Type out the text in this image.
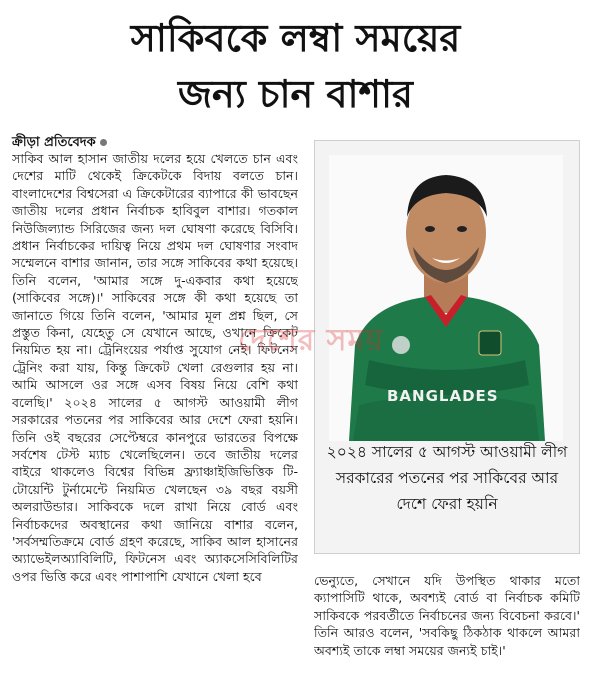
সাকিবকে লম্বা সময়ের
জন্য চান বাশার
ক্রীড়া প্রতিবেদক

সাকিব আল হাসান জাতীয় দলের হয়ে খেলতে চান এবং দেশের মাটি থেকেই ক্রিকেটকে বিদায় বলতে চান। বাংলাদেশের বিশ্বসেরা এ ক্রিকেটারের ব্যাপারে কী ভাবছেন জাতীয় দলের প্রধান নির্বাচক হাবিবুল বাশার। গতকাল নিউজিল্যান্ড সিরিজের জন্য দল ঘোষণা করেছে বিসিবি। প্রধান নির্বাচকের দায়িত্ব নিয়ে প্রথম দল ঘোষণার সংবাদ সম্মেলনে বাশার জানান, তার সঙ্গে সাকিবের কথা হয়েছে। তিনি বলেন, 'আমার সঙ্গে দু-একবার কথা হয়েছে (সাকিবের সঙ্গে)।' সাকিবের সঙ্গে কী কথা হয়েছে তা জানাতে গিয়ে তিনি বলেন, 'আমার মূল প্রশ্ন ছিল, সে প্রস্তুত কিনা, যেহেতু সে যেখানে আছে, ওখানে ক্রিকেট নিয়মিত হয় না। ট্রেনিংয়ের পর্যাপ্ত সুযোগ নেই। ফিটনেস ট্রেনিং করা যায়, কিন্তু ক্রিকেট খেলা রেগুলার হয় না। আমি আসলে ওর সঙ্গে এসব বিষয় নিয়ে বেশি কথা বলেছি।' ২০২৪ সালের ৫ আগস্ট আওয়ামী লীগ সরকারের পতনের পর সাকিবের আর দেশে ফেরা হয়নি। তিনি ওই বছরের সেপ্টেম্বরে কানপুরে ভারতের বিপক্ষে সর্বশেষ টেস্ট ম্যাচ খেলেছিলেন। তবে জাতীয় দলের বাইরে থাকলেও বিশ্বের বিভিন্ন ফ্র্যাঞ্চাইজিভিত্তিক টি-টোয়েন্টি টুর্নামেন্টে নিয়মিত খেলছেন ৩৯ বছর বয়সী অলরাউন্ডার। সাকিবকে দলে রাখা নিয়ে বোর্ড এবং নির্বাচকদের অবস্থানের কথা জানিয়ে বাশার বলেন, 'সর্বসম্মতিক্রমে বোর্ড গ্রহণ করেছে, সাকিব আল হাসানের অ্যাভেইলঅ্যাবিলিটি, ফিটনেস এবং অ্যাকসেসিবিলিটির ওপর ভিত্তি করে এবং পাশাপাশি যেখানে খেলা হবে

BANGLADES
২০২৪ সালের ৫ আগস্ট আওয়ামী লীগ সরকারের পতনের পর সাকিবের আর দেশে ফেরা হয়নি
দেশের সময়

ভেন্যুতে, সেখানে যদি উপস্থিত থাকার মতো ক্যাপাসিটি থাকে, অবশ্যই বোর্ড বা নির্বাচক কমিটি সাকিবকে পরবর্তীতে নির্বাচনের জন্য বিবেচনা করবে।' তিনি আরও বলেন, 'সবকিছু ঠিকঠাক থাকলে আমরা অবশ্যই তাকে লম্বা সময়ের জন্যই চাই।'
